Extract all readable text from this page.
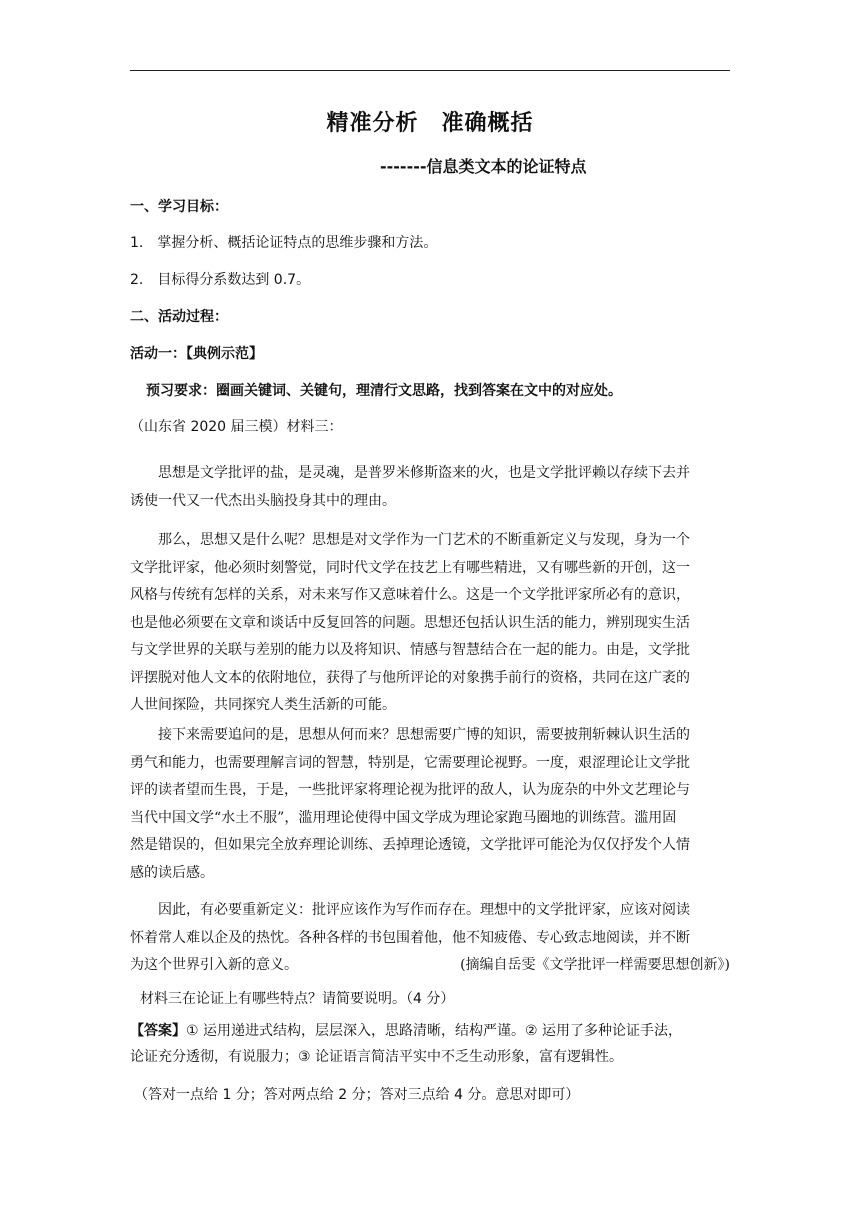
精准分析　准确概括
-------信息类文本的论证特点
一、学习目标：
1.　掌握分析、概括论证特点的思维步骤和方法。
2.　目标得分系数达到 0.7。
二、活动过程：
活动一：【典例示范】
预习要求：圈画关键词、关键句，理清行文思路，找到答案在文中的对应处。
（山东省 2020 届三模）材料三：
思想是文学批评的盐，是灵魂，是普罗米修斯盗来的火，也是文学批评赖以存续下去并
诱使一代又一代杰出头脑投身其中的理由。
那么，思想又是什么呢？思想是对文学作为一门艺术的不断重新定义与发现，身为一个
文学批评家，他必须时刻警觉，同时代文学在技艺上有哪些精进，又有哪些新的开创，这一
风格与传统有怎样的关系，对未来写作又意味着什么。这是一个文学批评家所必有的意识，
也是他必须要在文章和谈话中反复回答的问题。思想还包括认识生活的能力，辨别现实生活
与文学世界的关联与差别的能力以及将知识、情感与智慧结合在一起的能力。由是，文学批
评摆脱对他人文本的依附地位，获得了与他所评论的对象携手前行的资格，共同在这广袤的
人世间探险，共同探究人类生活新的可能。
接下来需要追问的是，思想从何而来？思想需要广博的知识，需要披荆斩棘认识生活的
勇气和能力，也需要理解言词的智慧，特别是，它需要理论视野。一度，艰涩理论让文学批
评的读者望而生畏，于是，一些批评家将理论视为批评的敌人，认为庞杂的中外文艺理论与
当代中国文学“水土不服”，滥用理论使得中国文学成为理论家跑马圈地的训练营。滥用固
然是错误的，但如果完全放弃理论训练、丢掉理论透镜，文学批评可能沦为仅仅抒发个人情
感的读后感。
因此，有必要重新定义：批评应该作为写作而存在。理想中的文学批评家，应该对阅读
怀着常人难以企及的热忱。各种各样的书包围着他，他不知疲倦、专心致志地阅读，并不断
为这个世界引入新的意义。	(摘编自岳雯《文学批评一样需要思想创新》)
材料三在论证上有哪些特点？请简要说明。（4 分）
【答案】① 运用递进式结构，层层深入，思路清晰，结构严谨。② 运用了多种论证手法，
论证充分透彻，有说服力；③ 论证语言简洁平实中不乏生动形象，富有逻辑性。
（答对一点给 1 分；答对两点给 2 分；答对三点给 4 分。意思对即可）
